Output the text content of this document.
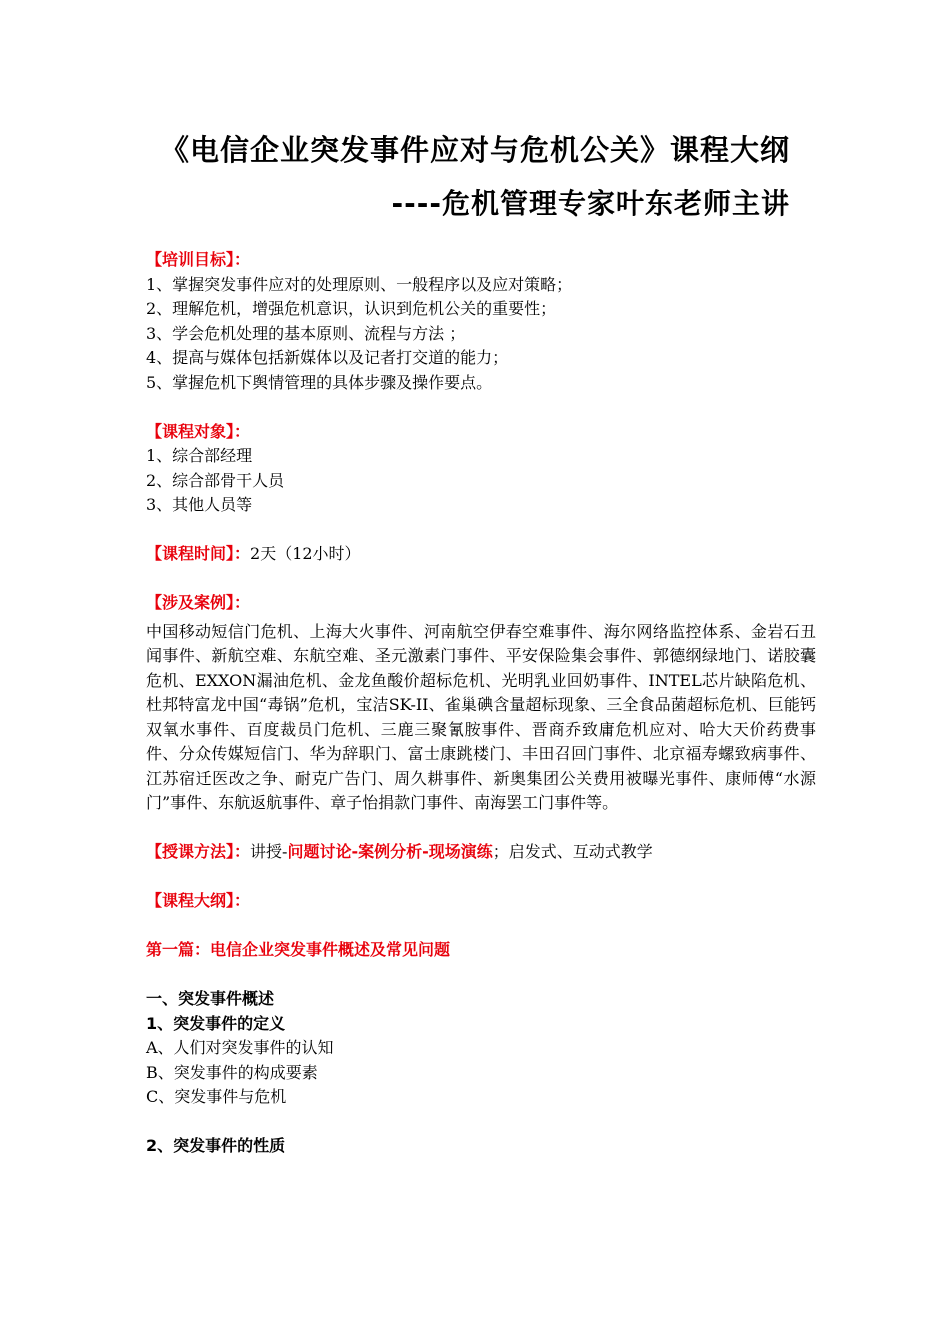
《电信企业突发事件应对与危机公关》课程大纲
----危机管理专家叶东老师主讲
【培训目标】：
1、掌握突发事件应对的处理原则、一般程序以及应对策略；
2、理解危机，增强危机意识，认识到危机公关的重要性；
3、学会危机处理的基本原则、流程与方法 ；
4、提高与媒体包括新媒体以及记者打交道的能力；
5、掌握危机下舆情管理的具体步骤及操作要点。
【课程对象】：
1、综合部经理
2、综合部骨干人员
3、其他人员等
【课程时间】：2天（12小时）
【涉及案例】：
中国移动短信门危机、上海大火事件、河南航空伊春空难事件、海尔网络监控体系、金岩石丑闻事件、新航空难、东航空难、圣元激素门事件、平安保险集会事件、郭德纲绿地门、诺胶囊危机、EXXON漏油危机、金龙鱼酸价超标危机、光明乳业回奶事件、INTEL芯片缺陷危机、杜邦特富龙中国“毒锅”危机，宝洁SK-II、雀巢碘含量超标现象、三全食品菌超标危机、巨能钙双氧水事件、百度裁员门危机、三鹿三聚氰胺事件、晋商乔致庸危机应对、哈大天价药费事件、分众传媒短信门、华为辞职门、富士康跳楼门、丰田召回门事件、北京福寿螺致病事件、江苏宿迁医改之争、耐克广告门、周久耕事件、新奥集团公关费用被曝光事件、康师傅“水源门”事件、东航返航事件、章子怡捐款门事件、南海罢工门事件等。
【授课方法】：讲授-问题讨论-案例分析-现场演练；启发式、互动式教学
【课程大纲】：
第一篇：电信企业突发事件概述及常见问题
一、突发事件概述
1、突发事件的定义
A、人们对突发事件的认知
B、突发事件的构成要素
C、突发事件与危机
2、突发事件的性质
